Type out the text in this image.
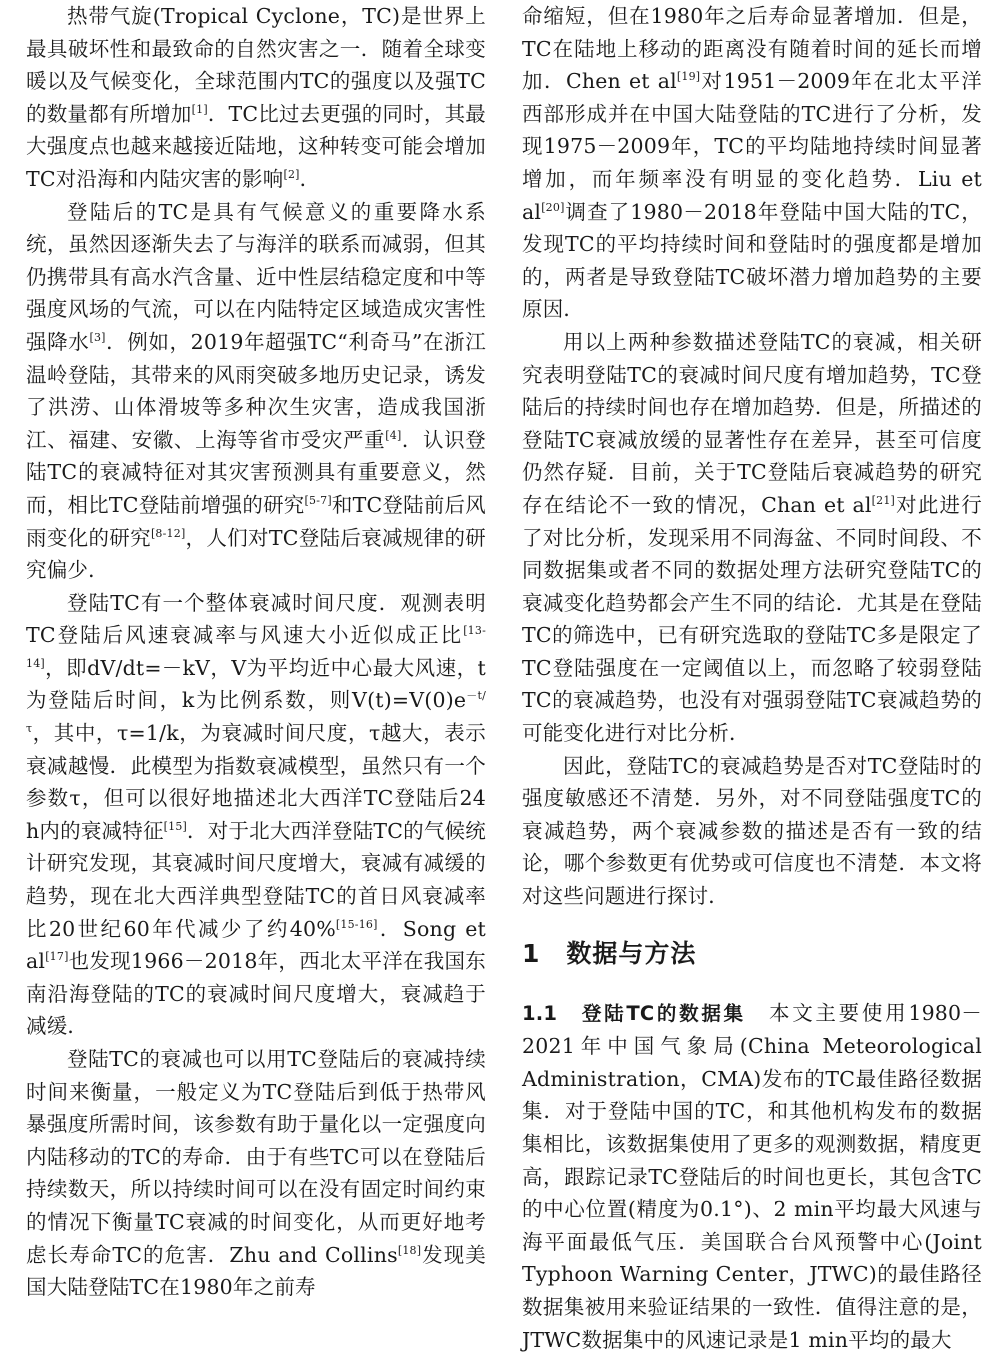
热带气旋(Tropical Cyclone，TC)是世界上最具破坏性和最致命的自然灾害之一．随着全球变暖以及气候变化，全球范围内TC的强度以及强TC的数量都有所增加[1]．TC比过去更强的同时，其最大强度点也越来越接近陆地，这种转变可能会增加TC对沿海和内陆灾害的影响[2]．

登陆后的TC是具有气候意义的重要降水系统，虽然因逐渐失去了与海洋的联系而减弱，但其仍携带具有高水汽含量、近中性层结稳定度和中等强度风场的气流，可以在内陆特定区域造成灾害性强降水[3]．例如，2019年超强TC“利奇马”在浙江温岭登陆，其带来的风雨突破多地历史记录，诱发了洪涝、山体滑坡等多种次生灾害，造成我国浙江、福建、安徽、上海等省市受灾严重[4]．认识登陆TC的衰减特征对其灾害预测具有重要意义，然而，相比TC登陆前增强的研究[5-7]和TC登陆前后风雨变化的研究[8-12]，人们对TC登陆后衰减规律的研究偏少．

登陆TC有一个整体衰减时间尺度．观测表明TC登陆后风速衰减率与风速大小近似成正比[13-14]，即dV/dt=－kV，V为平均近中心最大风速，t为登陆后时间，k为比例系数，则$V(t)=V(0)e^{-t/\tau}$，其中，τ=1/k，为衰减时间尺度，τ越大，表示衰减越慢．此模型为指数衰减模型，虽然只有一个参数τ，但可以很好地描述北大西洋TC登陆后24 h内的衰减特征[15]．对于北大西洋登陆TC的气候统计研究发现，其衰减时间尺度增大，衰减有减缓的趋势，现在北大西洋典型登陆TC的首日风衰减率比20世纪60年代减少了约40%[15-16]．Song et al[17]也发现1966－2018年，西北太平洋在我国东南沿海登陆的TC的衰减时间尺度增大，衰减趋于减缓．

登陆TC的衰减也可以用TC登陆后的衰减持续时间来衡量，一般定义为TC登陆后到低于热带风暴强度所需时间，该参数有助于量化以一定强度向内陆移动的TC的寿命．由于有些TC可以在登陆后持续数天，所以持续时间可以在没有固定时间约束的情况下衡量TC衰减的时间变化，从而更好地考虑长寿命TC的危害．Zhu and Collins[18]发现美国大陆登陆TC在1980年之前寿

命缩短，但在1980年之后寿命显著增加．但是，TC在陆地上移动的距离没有随着时间的延长而增加．Chen et al[19]对1951－2009年在北太平洋西部形成并在中国大陆登陆的TC进行了分析，发现1975－2009年，TC的平均陆地持续时间显著增加，而年频率没有明显的变化趋势．Liu et al[20]调查了1980－2018年登陆中国大陆的TC，发现TC的平均持续时间和登陆时的强度都是增加的，两者是导致登陆TC破坏潜力增加趋势的主要原因．

用以上两种参数描述登陆TC的衰减，相关研究表明登陆TC的衰减时间尺度有增加趋势，TC登陆后的持续时间也存在增加趋势．但是，所描述的登陆TC衰减放缓的显著性存在差异，甚至可信度仍然存疑．目前，关于TC登陆后衰减趋势的研究存在结论不一致的情况，Chan et al[21]对此进行了对比分析，发现采用不同海盆、不同时间段、不同数据集或者不同的数据处理方法研究登陆TC的衰减变化趋势都会产生不同的结论．尤其是在登陆TC的筛选中，已有研究选取的登陆TC多是限定了TC登陆强度在一定阈值以上，而忽略了较弱登陆TC的衰减趋势，也没有对强弱登陆TC衰减趋势的可能变化进行对比分析．

因此，登陆TC的衰减趋势是否对TC登陆时的强度敏感还不清楚．另外，对不同登陆强度TC的衰减趋势，两个衰减参数的描述是否有一致的结论，哪个参数更有优势或可信度也不清楚．本文将对这些问题进行探讨．

1　数据与方法

1.1　登陆TC的数据集　本文主要使用1980－2021年中国气象局(China Meteorological Administration，CMA)发布的TC最佳路径数据集．对于登陆中国的TC，和其他机构发布的数据集相比，该数据集使用了更多的观测数据，精度更高，跟踪记录TC登陆后的时间也更长，其包含TC的中心位置(精度为0.1°)、2 min平均最大风速与海平面最低气压．美国联合台风预警中心(Joint Typhoon Warning Center，JTWC)的最佳路径数据集被用来验证结果的一致性．值得注意的是，JTWC数据集中的风速记录是1 min平均的最大
